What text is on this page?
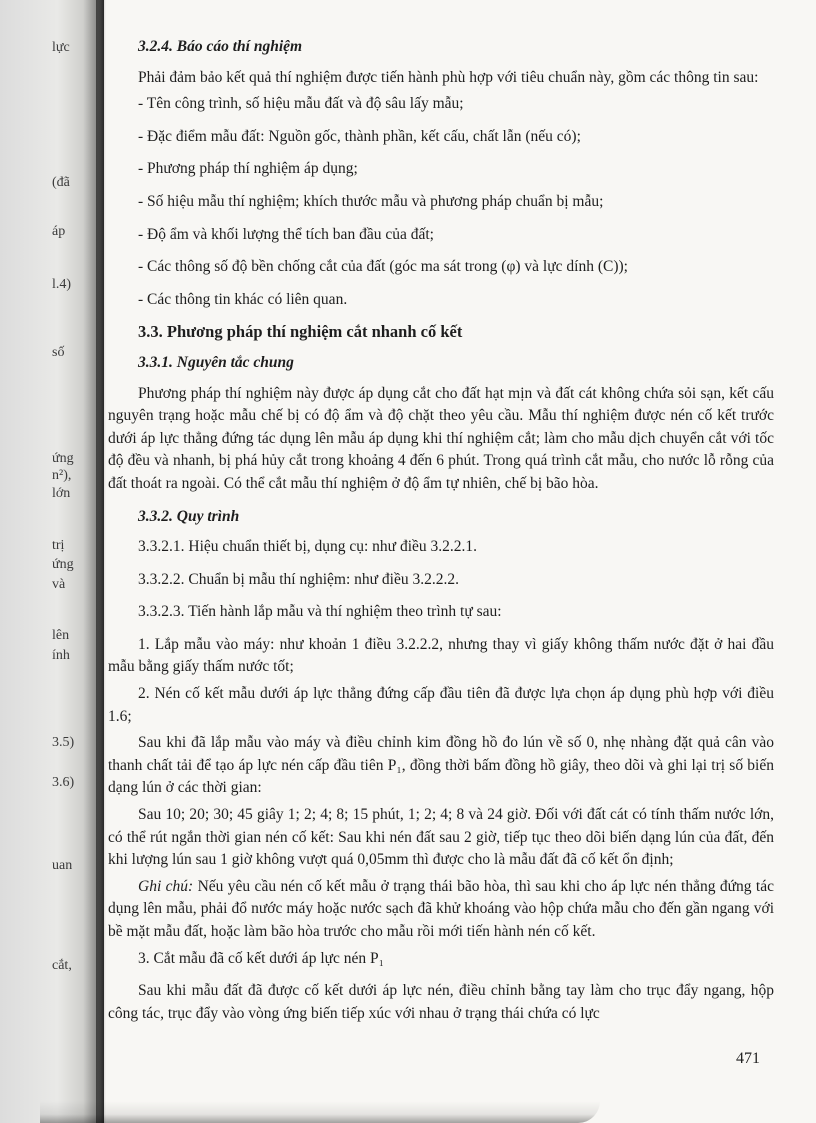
lực
(đã
áp
l.4)
số
ứng
n²),
lớn
trị
ứng
và
lên
ính
3.5)
3.6)
uan
cắt,

3.2.4. Báo cáo thí nghiệm

Phải đảm bảo kết quả thí nghiệm được tiến hành phù hợp với tiêu chuẩn này, gồm các thông tin sau:

- Tên công trình, số hiệu mẫu đất và độ sâu lấy mẫu;

- Đặc điểm mẫu đất: Nguồn gốc, thành phần, kết cấu, chất lẫn (nếu có);

- Phương pháp thí nghiệm áp dụng;

- Số hiệu mẫu thí nghiệm; khích thước mẫu và phương pháp chuẩn bị mẫu;

- Độ ẩm và khối lượng thể tích ban đầu của đất;

- Các thông số độ bền chống cắt của đất (góc ma sát trong (φ) và lực dính (C));

- Các thông tin khác có liên quan.

3.3. Phương pháp thí nghiệm cắt nhanh cố kết

3.3.1. Nguyên tắc chung

Phương pháp thí nghiệm này được áp dụng cắt cho đất hạt mịn và đất cát không chứa sỏi sạn, kết cấu nguyên trạng hoặc mẫu chế bị có độ ẩm và độ chặt theo yêu cầu. Mẫu thí nghiệm được nén cố kết trước dưới áp lực thẳng đứng tác dụng lên mẫu áp dụng khi thí nghiệm cắt; làm cho mẫu dịch chuyển cắt với tốc độ đều và nhanh, bị phá hủy cắt trong khoảng 4 đến 6 phút. Trong quá trình cắt mẫu, cho nước lỗ rỗng của đất thoát ra ngoài. Có thể cắt mẫu thí nghiệm ở độ ẩm tự nhiên, chế bị bão hòa.

3.3.2. Quy trình

3.3.2.1. Hiệu chuẩn thiết bị, dụng cụ: như điều 3.2.2.1.

3.3.2.2. Chuẩn bị mẫu thí nghiệm: như điều 3.2.2.2.

3.3.2.3. Tiến hành lắp mẫu và thí nghiệm theo trình tự sau:

1. Lắp mẫu vào máy: như khoản 1 điều 3.2.2.2, nhưng thay vì giấy không thấm nước đặt ở hai đầu mẫu bằng giấy thấm nước tốt;

2. Nén cố kết mẫu dưới áp lực thẳng đứng cấp đầu tiên đã được lựa chọn áp dụng phù hợp với điều 1.6;

Sau khi đã lắp mẫu vào máy và điều chỉnh kim đồng hồ đo lún về số 0, nhẹ nhàng đặt quả cân vào thanh chất tải để tạo áp lực nén cấp đầu tiên P₁, đồng thời bấm đồng hồ giây, theo dõi và ghi lại trị số biến dạng lún ở các thời gian:

Sau 10; 20; 30; 45 giây 1; 2; 4; 8; 15 phút, 1; 2; 4; 8 và 24 giờ. Đối với đất cát có tính thấm nước lớn, có thể rút ngắn thời gian nén cố kết: Sau khi nén đất sau 2 giờ, tiếp tục theo dõi biến dạng lún của đất, đến khi lượng lún sau 1 giờ không vượt quá 0,05mm thì được cho là mẫu đất đã cố kết ổn định;

Ghi chú: Nếu yêu cầu nén cố kết mẫu ở trạng thái bão hòa, thì sau khi cho áp lực nén thẳng đứng tác dụng lên mẫu, phải đổ nước máy hoặc nước sạch đã khử khoáng vào hộp chứa mẫu cho đến gần ngang với bề mặt mẫu đất, hoặc làm bão hòa trước cho mẫu rồi mới tiến hành nén cố kết.

3. Cắt mẫu đã cố kết dưới áp lực nén P₁

Sau khi mẫu đất đã được cố kết dưới áp lực nén, điều chỉnh bằng tay làm cho trục đẩy ngang, hộp công tác, trục đẩy vào vòng ứng biến tiếp xúc với nhau ở trạng thái chứa có lực

471
